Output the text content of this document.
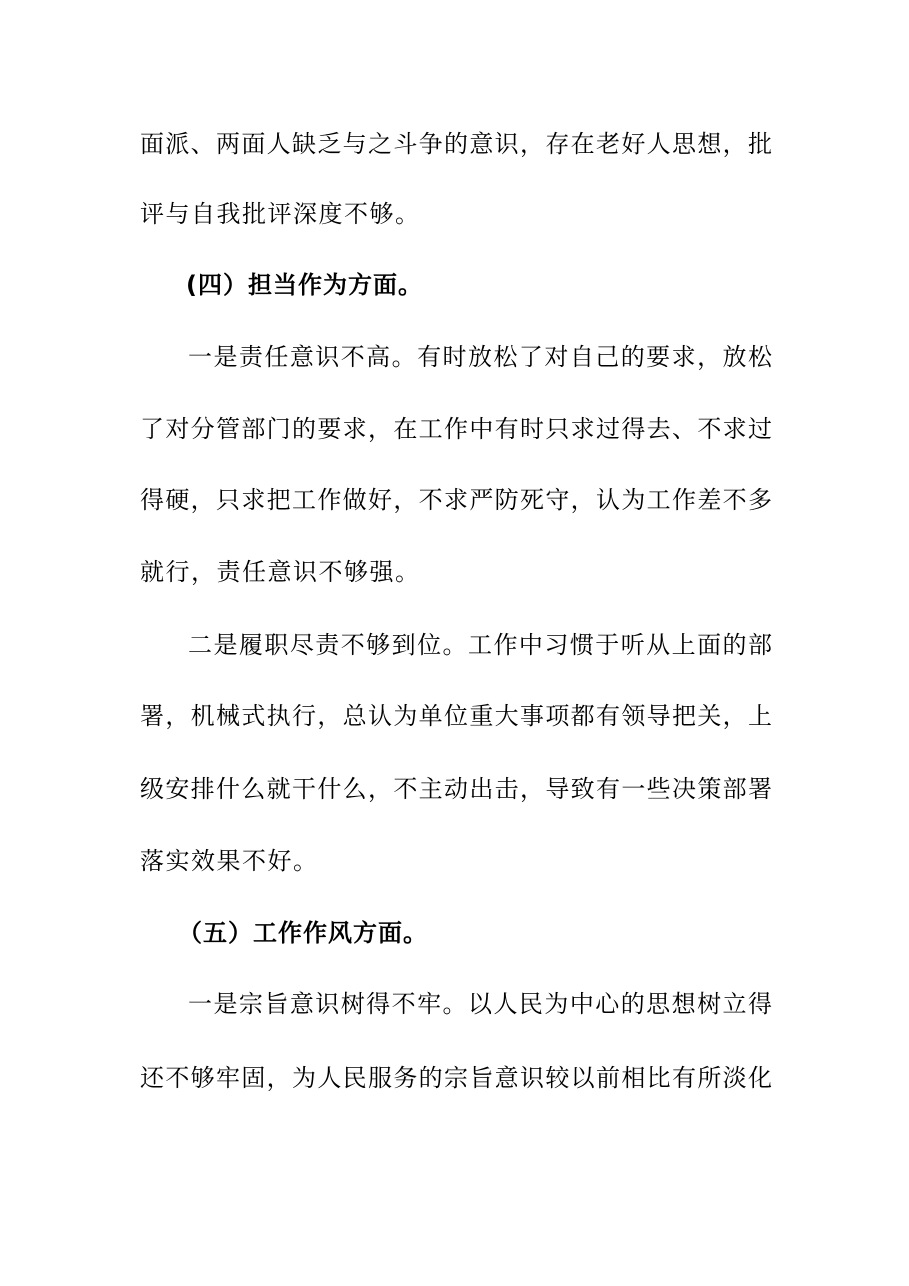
面派、两面人缺乏与之斗争的意识，存在老好人思想，批
评与自我批评深度不够。
(四）担当作为方面。
一是责任意识不高。有时放松了对自己的要求，放松
了对分管部门的要求，在工作中有时只求过得去、不求过
得硬，只求把工作做好，不求严防死守，认为工作差不多
就行，责任意识不够强。
二是履职尽责不够到位。工作中习惯于听从上面的部
署，机械式执行，总认为单位重大事项都有领导把关，上
级安排什么就干什么，不主动出击，导致有一些决策部署
落实效果不好。
（五）工作作风方面。
一是宗旨意识树得不牢。以人民为中心的思想树立得
还不够牢固，为人民服务的宗旨意识较以前相比有所淡化
